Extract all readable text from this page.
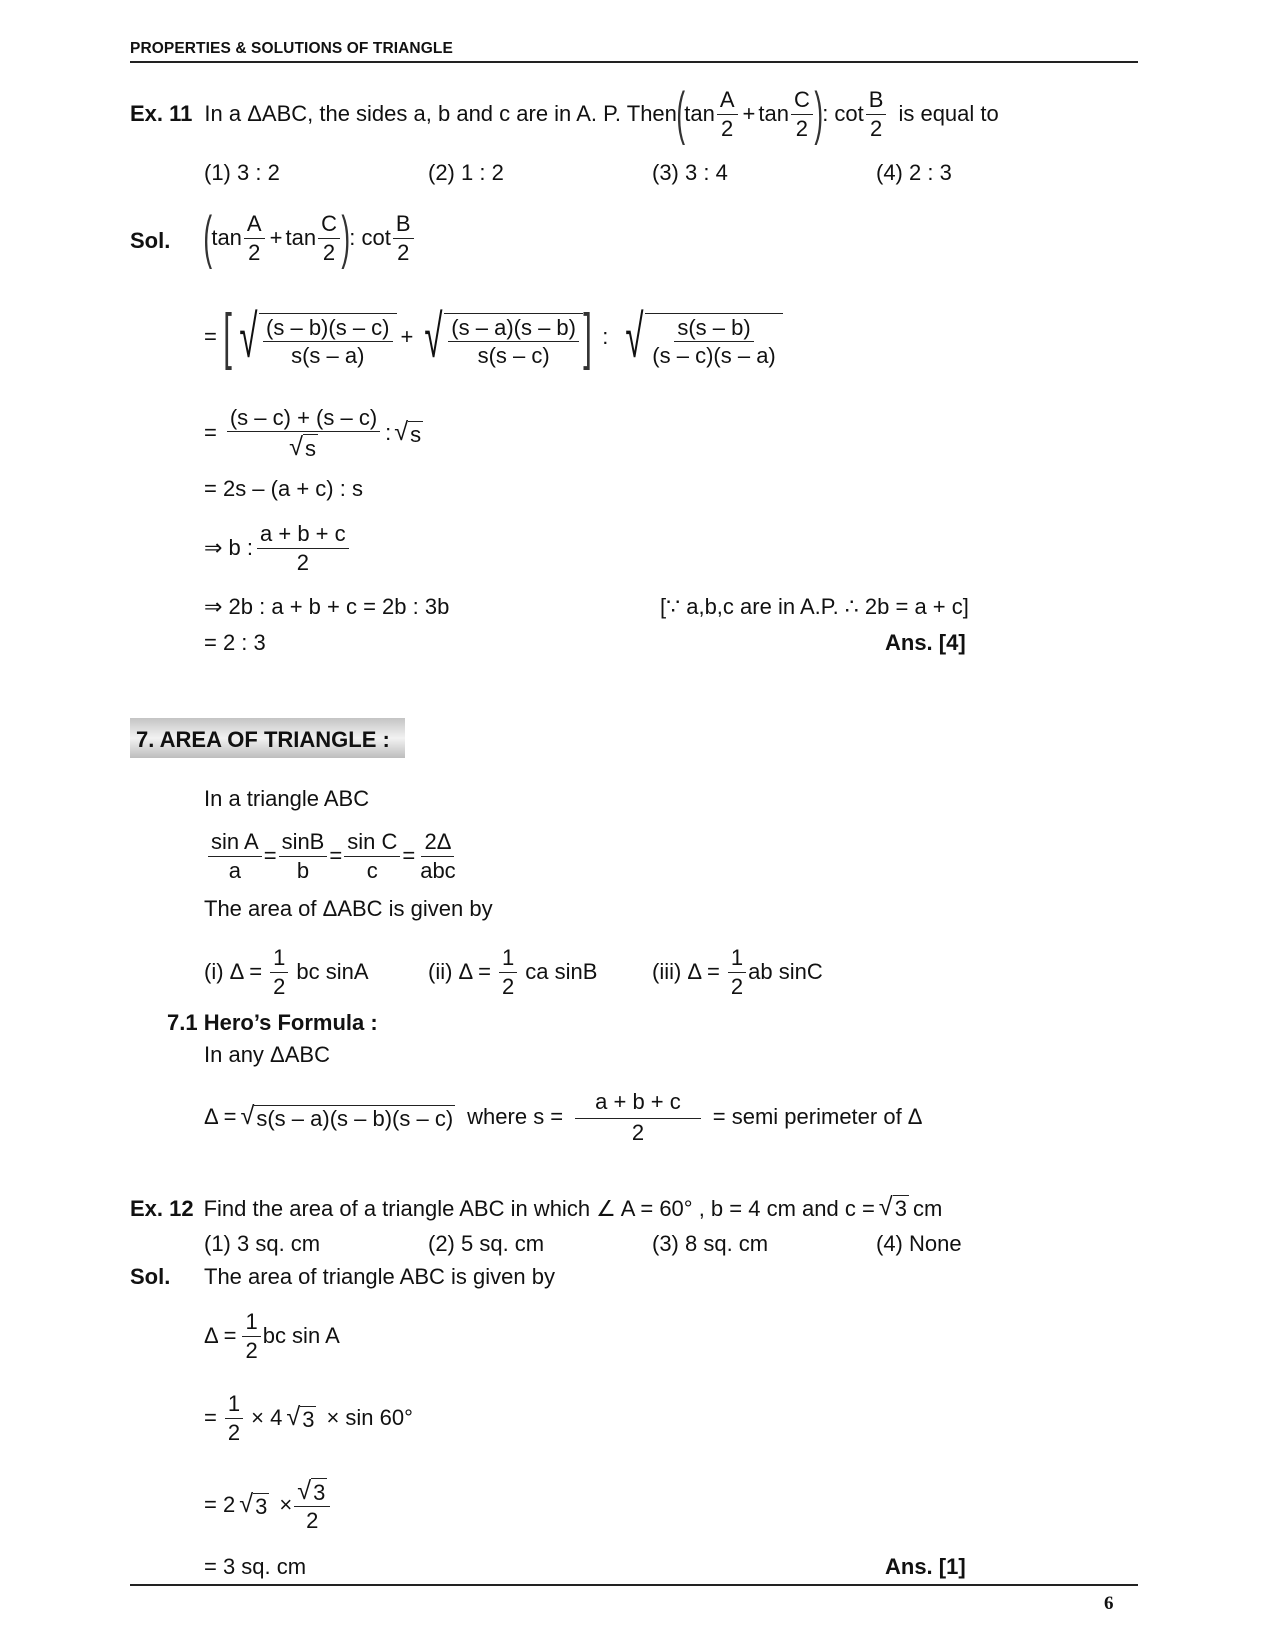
PROPERTIES & SOLUTIONS OF TRIANGLE
Ex. 11 In a ΔABC, the sides a, b and c are in A. P. Then ( $\tan \frac{A}{2} + \tan \frac{C}{2}$ ) : $\cot \frac{B}{2}$ is equal to
(1) 3 : 2	(2) 1 : 2	(3) 3 : 4	(4) 2 : 3
Sol. ( $\tan \frac{A}{2} + \tan \frac{C}{2}$ ) : $\cot \frac{B}{2}$
= [ √ $\frac{(s - b)(s - c)}{s(s - a)}$ + √ $\frac{(s - a)(s - b)}{s(s - c)}$ ] : √ $\frac{s(s - b)}{(s - c)(s - a)}$
= $\frac{(s - c) + (s - c)}{√ s}$ : √ s
= 2s – (a + c) : s
⇒ b : $\frac{a + b + c}{2}$
⇒ 2b : a + b + c = 2b : 3b	[∵ a,b,c are in A.P. ∴ 2b = a + c]
= 2 : 3	Ans. [4]
7. AREA OF TRIANGLE :
In a triangle ABC
$\frac{\text{sin A}}{a} = \frac{\sin B}{b} = \frac{\text{sin C}}{c} = \frac{2\Delta}{\text{abc}}$
The area of ΔABC is given by
(i) $\Delta = \frac{1}{2}$ bc sinA	(ii) $\Delta = \frac{1}{2}$ ca sinB (iii) $\Delta = \frac{1}{2}$ ab sinC
7.1 Hero’s Formula :
In any ΔABC
Δ = √ s(s – a)(s – b)(s – c) where $s = \frac{a + b + c}{2}$ = semi perimeter of Δ
Ex. 12 Find the area of a triangle ABC in which ∠ A = 60° , b = 4 cm and c = √ 3 cm
(1) 3 sq. cm	(2) 5 sq. cm	(3) 8 sq. cm	(4) None
Sol. The area of triangle ABC is given by
$\Delta = \frac{1}{2}$ bc sin A
= $\frac{1}{2} \times 4$ √ 3 × sin 60°
= 2 √ $3 \times \frac{√ 3}{2}$
= 3 sq. cm	Ans. [1]
6
